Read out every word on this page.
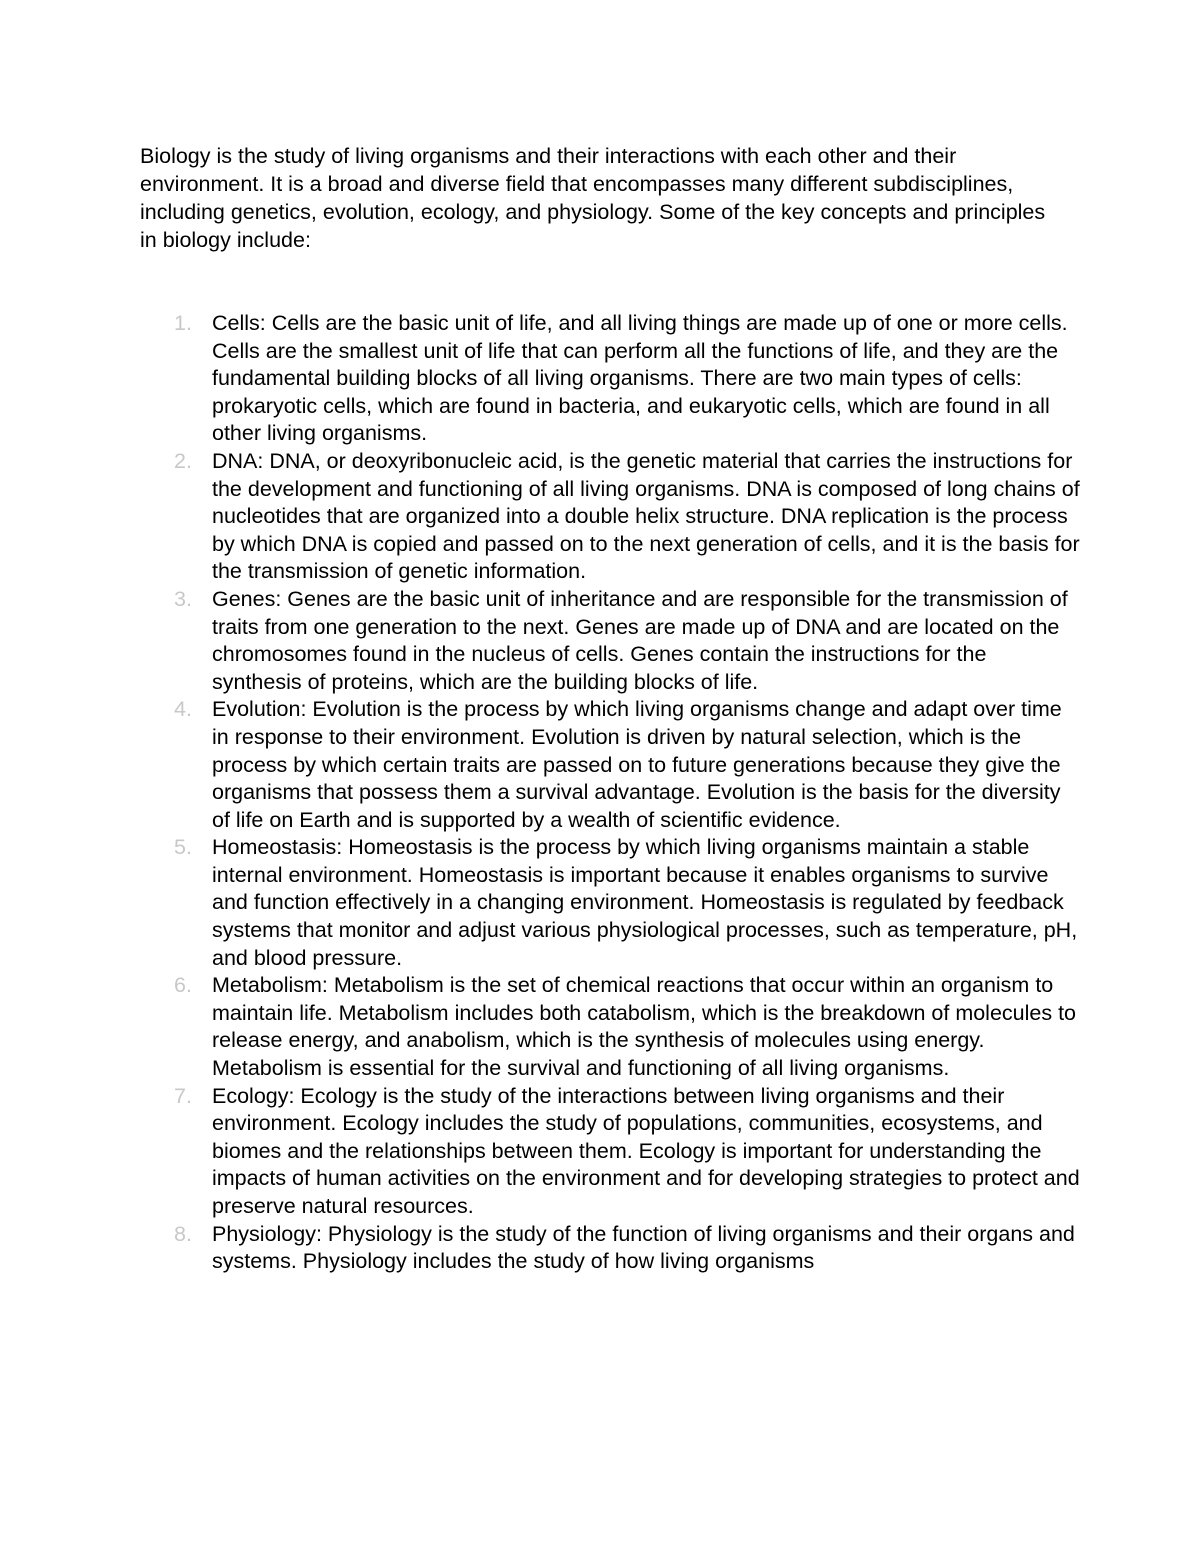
Biology is the study of living organisms and their interactions with each other and their environment. It is a broad and diverse field that encompasses many different subdisciplines, including genetics, evolution, ecology, and physiology. Some of the key concepts and principles in biology include:

1. Cells: Cells are the basic unit of life, and all living things are made up of one or more cells. Cells are the smallest unit of life that can perform all the functions of life, and they are the fundamental building blocks of all living organisms. There are two main types of cells: prokaryotic cells, which are found in bacteria, and eukaryotic cells, which are found in all other living organisms.
2. DNA: DNA, or deoxyribonucleic acid, is the genetic material that carries the instructions for the development and functioning of all living organisms. DNA is composed of long chains of nucleotides that are organized into a double helix structure. DNA replication is the process by which DNA is copied and passed on to the next generation of cells, and it is the basis for the transmission of genetic information.
3. Genes: Genes are the basic unit of inheritance and are responsible for the transmission of traits from one generation to the next. Genes are made up of DNA and are located on the chromosomes found in the nucleus of cells. Genes contain the instructions for the synthesis of proteins, which are the building blocks of life.
4. Evolution: Evolution is the process by which living organisms change and adapt over time in response to their environment. Evolution is driven by natural selection, which is the process by which certain traits are passed on to future generations because they give the organisms that possess them a survival advantage. Evolution is the basis for the diversity of life on Earth and is supported by a wealth of scientific evidence.
5. Homeostasis: Homeostasis is the process by which living organisms maintain a stable internal environment. Homeostasis is important because it enables organisms to survive and function effectively in a changing environment. Homeostasis is regulated by feedback systems that monitor and adjust various physiological processes, such as temperature, pH, and blood pressure.
6. Metabolism: Metabolism is the set of chemical reactions that occur within an organism to maintain life. Metabolism includes both catabolism, which is the breakdown of molecules to release energy, and anabolism, which is the synthesis of molecules using energy. Metabolism is essential for the survival and functioning of all living organisms.
7. Ecology: Ecology is the study of the interactions between living organisms and their environment. Ecology includes the study of populations, communities, ecosystems, and biomes and the relationships between them. Ecology is important for understanding the impacts of human activities on the environment and for developing strategies to protect and preserve natural resources.
8. Physiology: Physiology is the study of the function of living organisms and their organs and systems. Physiology includes the study of how living organisms
